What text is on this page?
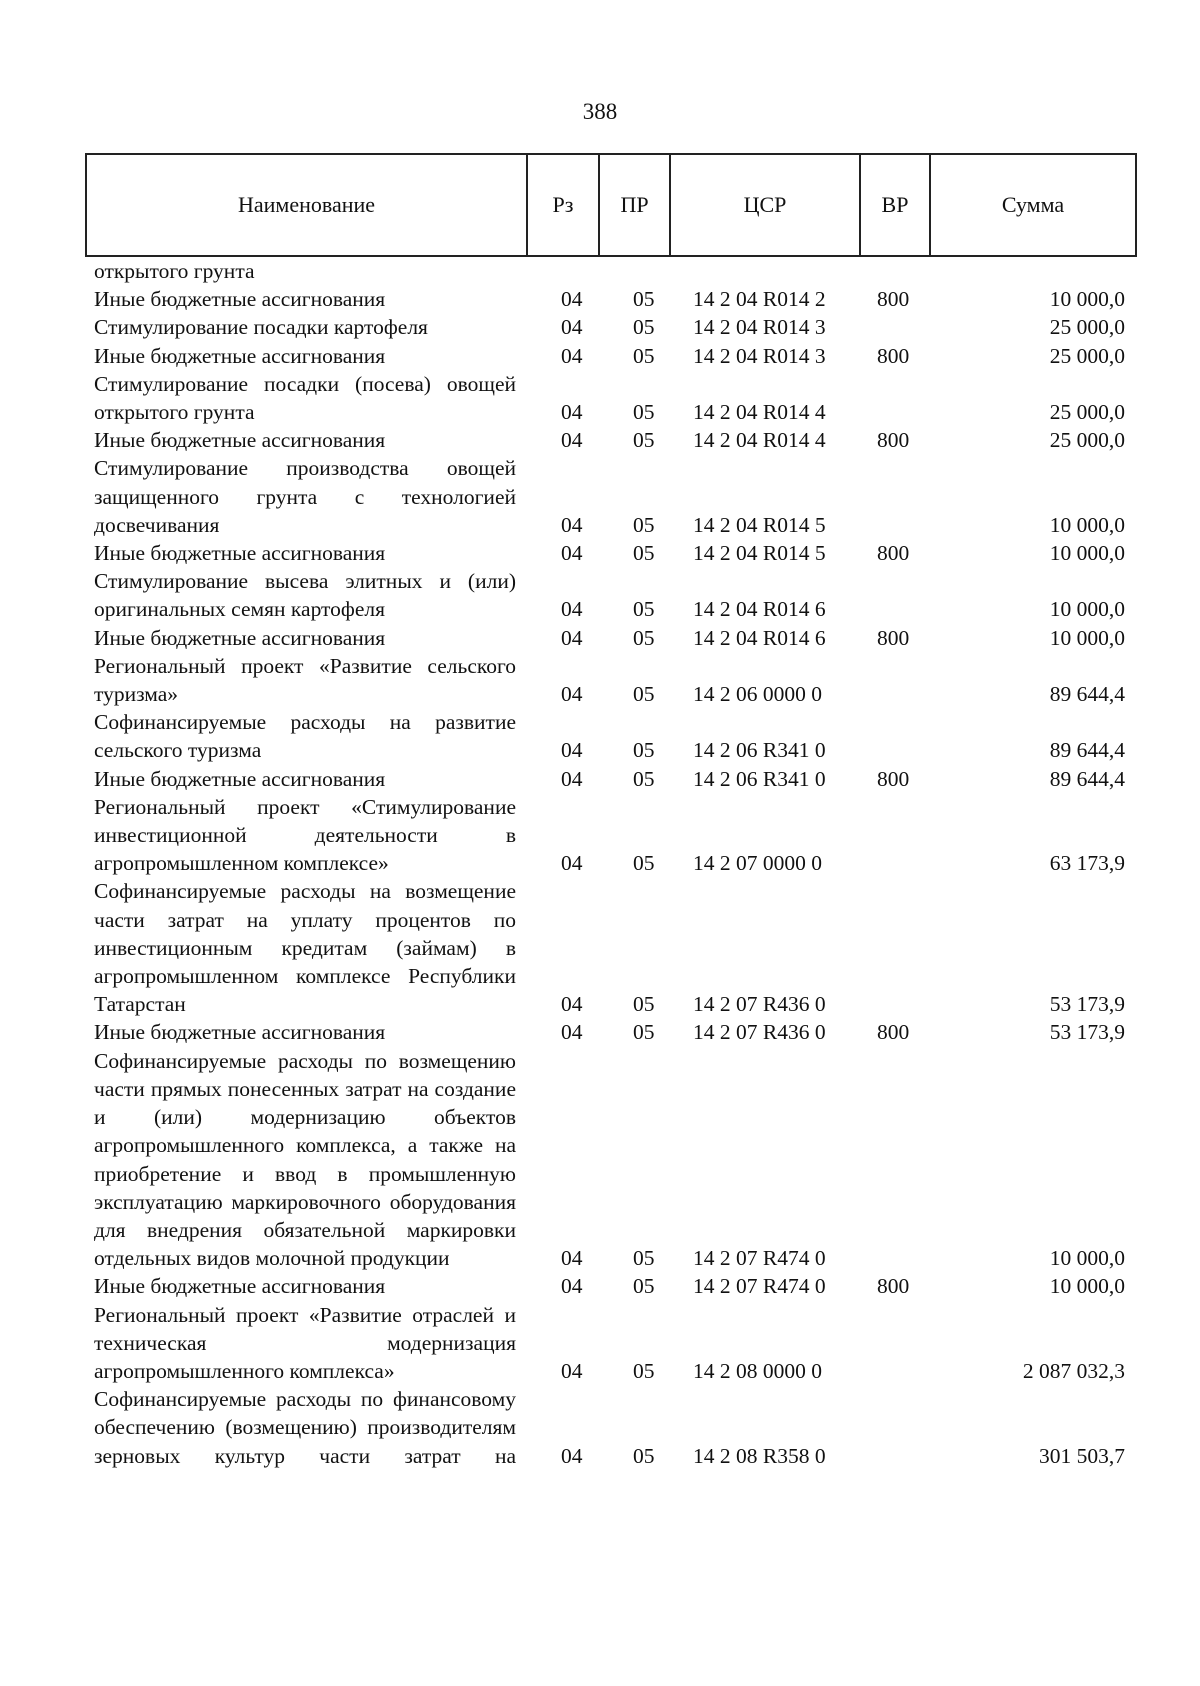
388
Наименование	Рз	ПР	ЦСР	ВР	Сумма
открытого грунта					
Иные бюджетные ассигнования	04	05	14 2 04 R014 2	800	10 000,0
Стимулирование посадки картофеля	04	05	14 2 04 R014 3		25 000,0
Иные бюджетные ассигнования	04	05	14 2 04 R014 3	800	25 000,0
Стимулирование посадки (посева) овощей открытого грунта	04	05	14 2 04 R014 4		25 000,0
Иные бюджетные ассигнования	04	05	14 2 04 R014 4	800	25 000,0
Стимулирование производства овощей защищенного грунта с технологией досвечивания	04	05	14 2 04 R014 5		10 000,0
Иные бюджетные ассигнования	04	05	14 2 04 R014 5	800	10 000,0
Стимулирование высева элитных и (или) оригинальных семян картофеля	04	05	14 2 04 R014 6		10 000,0
Иные бюджетные ассигнования	04	05	14 2 04 R014 6	800	10 000,0
Региональный проект «Развитие сельского туризма»	04	05	14 2 06 0000 0		89 644,4
Софинансируемые расходы на развитие сельского туризма	04	05	14 2 06 R341 0		89 644,4
Иные бюджетные ассигнования	04	05	14 2 06 R341 0	800	89 644,4
Региональный проект «Стимулирование инвестиционной деятельности в агропромышленном комплексе»	04	05	14 2 07 0000 0		63 173,9
Софинансируемые расходы на возмещение части затрат на уплату процентов по инвестиционным кредитам (займам) в агропромышленном комплексе Республики Татарстан	04	05	14 2 07 R436 0		53 173,9
Иные бюджетные ассигнования	04	05	14 2 07 R436 0	800	53 173,9
Софинансируемые расходы по возмещению части прямых понесенных затрат на создание и (или) модернизацию объектов агропромышленного комплекса, а также на приобретение и ввод в промышленную эксплуатацию маркировочного оборудования для внедрения обязательной маркировки отдельных видов молочной продукции	04	05	14 2 07 R474 0		10 000,0
Иные бюджетные ассигнования	04	05	14 2 07 R474 0	800	10 000,0
Региональный проект «Развитие отраслей и техническая модернизация агропромышленного комплекса»	04	05	14 2 08 0000 0		2 087 032,3
Софинансируемые расходы по финансовому обеспечению (возмещению) производителям зерновых культур части затрат на	04	05	14 2 08 R358 0		301 503,7
